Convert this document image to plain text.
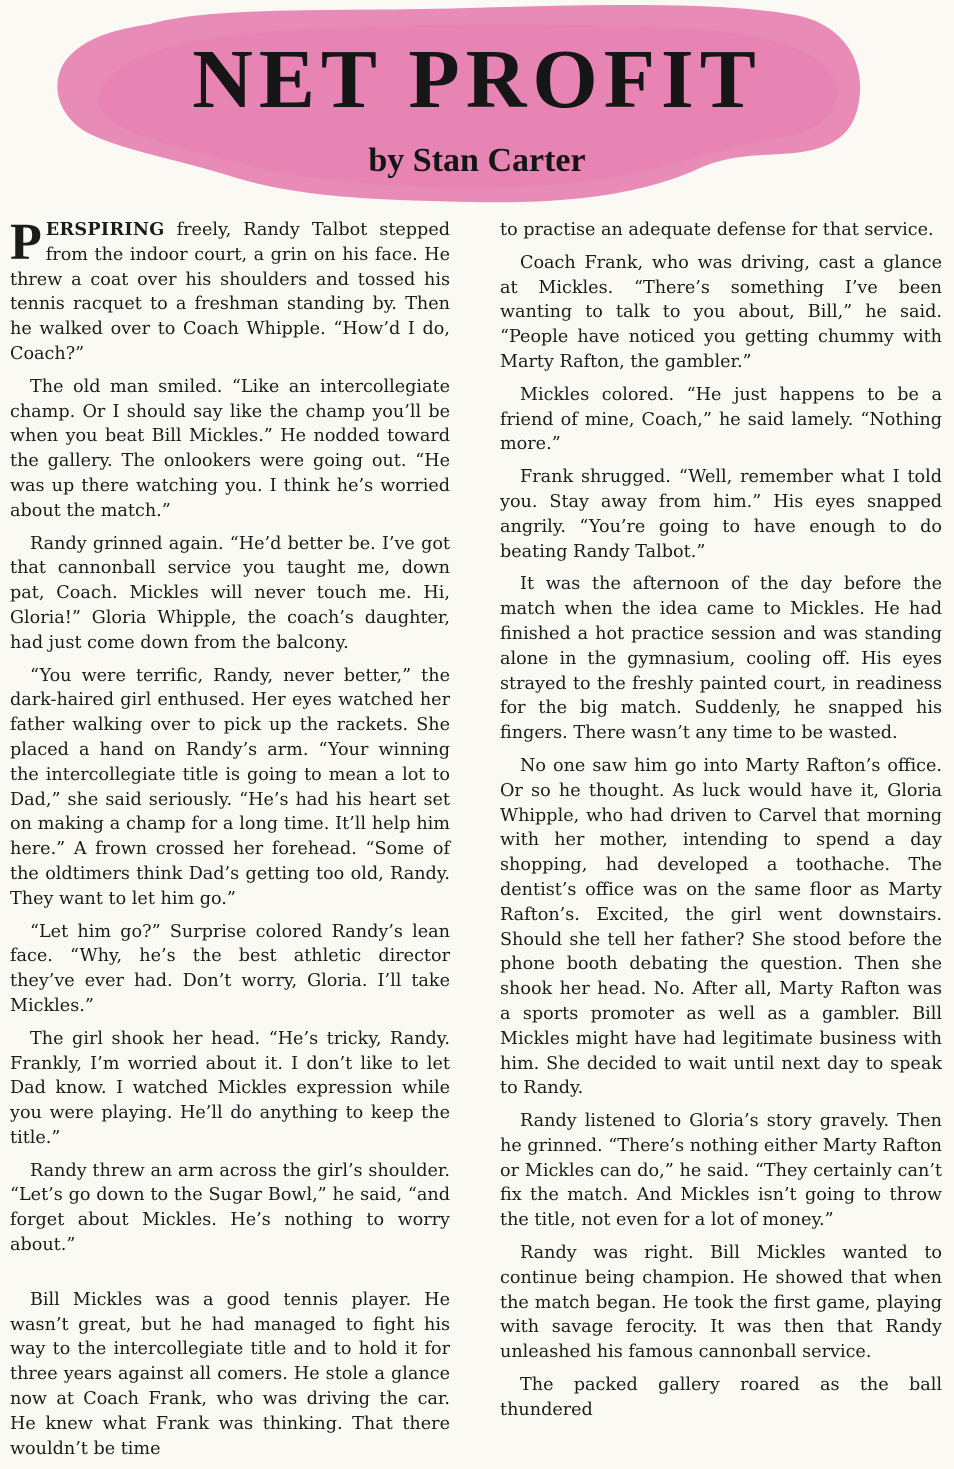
NET PROFIT
by Stan Carter

PERSPIRING freely, Randy Talbot stepped from the indoor court, a grin on his face. He threw a coat over his shoulders and tossed his tennis racquet to a freshman standing by. Then he walked over to Coach Whipple. “How’d I do, Coach?”

The old man smiled. “Like an intercollegiate champ. Or I should say like the champ you’ll be when you beat Bill Mickles.” He nodded toward the gallery. The onlookers were going out. “He was up there watching you. I think he’s worried about the match.”

Randy grinned again. “He’d better be. I’ve got that cannonball service you taught me, down pat, Coach. Mickles will never touch me. Hi, Gloria!” Gloria Whipple, the coach’s daughter, had just come down from the balcony.

“You were terrific, Randy, never better,” the dark-haired girl enthused. Her eyes watched her father walking over to pick up the rackets. She placed a hand on Randy’s arm. “Your winning the intercollegiate title is going to mean a lot to Dad,” she said seriously. “He’s had his heart set on making a champ for a long time. It’ll help him here.” A frown crossed her forehead. “Some of the oldtimers think Dad’s getting too old, Randy. They want to let him go.”

“Let him go?” Surprise colored Randy’s lean face. “Why, he’s the best athletic director they’ve ever had. Don’t worry, Gloria. I’ll take Mickles.”

The girl shook her head. “He’s tricky, Randy. Frankly, I’m worried about it. I don’t like to let Dad know. I watched Mickles expression while you were playing. He’ll do anything to keep the title.”

Randy threw an arm across the girl’s shoulder. “Let’s go down to the Sugar Bowl,” he said, “and forget about Mickles. He’s nothing to worry about.”

Bill Mickles was a good tennis player. He wasn’t great, but he had managed to fight his way to the intercollegiate title and to hold it for three years against all comers. He stole a glance now at Coach Frank, who was driving the car. He knew what Frank was thinking. That there wouldn’t be time

to practise an adequate defense for that service.

Coach Frank, who was driving, cast a glance at Mickles. “There’s something I’ve been wanting to talk to you about, Bill,” he said. “People have noticed you getting chummy with Marty Rafton, the gambler.”

Mickles colored. “He just happens to be a friend of mine, Coach,” he said lamely. “Nothing more.”

Frank shrugged. “Well, remember what I told you. Stay away from him.” His eyes snapped angrily. “You’re going to have enough to do beating Randy Talbot.”

It was the afternoon of the day before the match when the idea came to Mickles. He had finished a hot practice session and was standing alone in the gymnasium, cooling off. His eyes strayed to the freshly painted court, in readiness for the big match. Suddenly, he snapped his fingers. There wasn’t any time to be wasted.

No one saw him go into Marty Rafton’s office. Or so he thought. As luck would have it, Gloria Whipple, who had driven to Carvel that morning with her mother, intending to spend a day shopping, had developed a toothache. The dentist’s office was on the same floor as Marty Rafton’s. Excited, the girl went downstairs. Should she tell her father? She stood before the phone booth debating the question. Then she shook her head. No. After all, Marty Rafton was a sports promoter as well as a gambler. Bill Mickles might have had legitimate business with him. She decided to wait until next day to speak to Randy.

Randy listened to Gloria’s story gravely. Then he grinned. “There’s nothing either Marty Rafton or Mickles can do,” he said. “They certainly can’t fix the match. And Mickles isn’t going to throw the title, not even for a lot of money.”

Randy was right. Bill Mickles wanted to continue being champion. He showed that when the match began. He took the first game, playing with savage ferocity. It was then that Randy unleashed his famous cannonball service.

The packed gallery roared as the ball thundered
